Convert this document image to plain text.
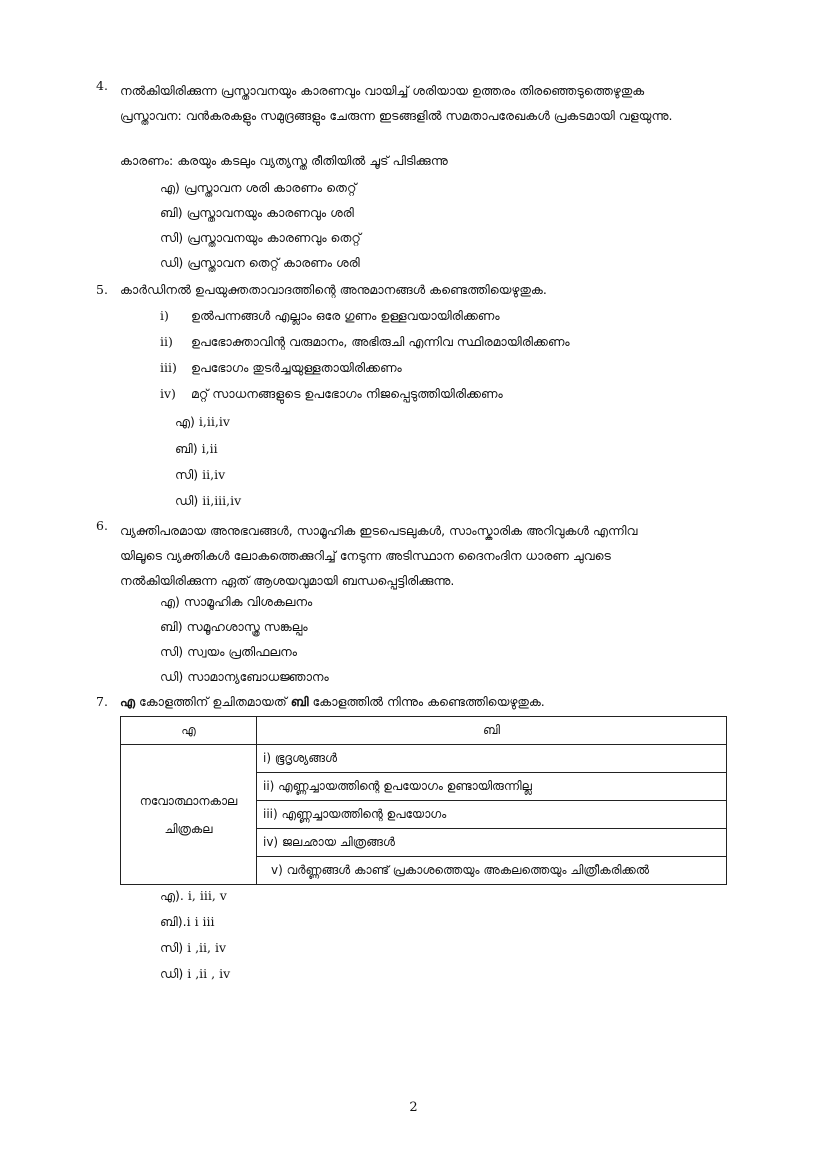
4. നൽകിയിരിക്കുന്ന പ്രസ്താവനയും കാരണവും വായിച്ച് ശരിയായ ഉത്തരം തിരഞ്ഞെടുത്തെഴുതുക
പ്രസ്താവന: വൻകരകളും സമുദ്രങ്ങളും ചേരുന്ന ഇടങ്ങളിൽ സമതാപരേഖകൾ പ്രകടമായി വളയുന്നു.
കാരണം: കരയും കടലും വ്യത്യസ്ത രീതിയിൽ ചൂട് പിടിക്കുന്നു
എ) പ്രസ്താവന ശരി കാരണം തെറ്റ്
ബി) പ്രസ്താവനയും കാരണവും ശരി
സി) പ്രസ്താവനയും കാരണവും തെറ്റ്
ഡി) പ്രസ്താവന തെറ്റ് കാരണം ശരി
5. കാർഡിനൽ ഉപയുക്തതാവാദത്തിന്റെ അനുമാനങ്ങൾ കണ്ടെത്തിയെഴുതുക.
i) ഉൽപന്നങ്ങൾ എല്ലാം ഒരേ ഗുണം ഉള്ളവയായിരിക്കണം
ii) ഉപഭോക്താവിന്റ വരുമാനം, അഭിരുചി എന്നിവ സ്ഥിരമായിരിക്കണം
iii) ഉപഭോഗം തുടർച്ചയുള്ളതായിരിക്കണം
iv) മറ്റ് സാധനങ്ങളുടെ ഉപഭോഗം നിജപ്പെടുത്തിയിരിക്കണം
എ) i,ii,iv
ബി) i,ii
സി) ii,iv
ഡി) ii,iii,iv
6. വ്യക്തിപരമായ അനുഭവങ്ങൾ, സാമൂഹിക ഇടപെടലുകൾ, സാംസ്കാരിക അറിവുകൾ എന്നിവ
യിലൂടെ വ്യക്തികൾ ലോകത്തെക്കുറിച്ച് നേടുന്ന അടിസ്ഥാന ദൈനംദിന ധാരണ ചുവടെ
നൽകിയിരിക്കുന്ന ഏത് ആശയവുമായി ബന്ധപ്പെട്ടിരിക്കുന്നു.
എ) സാമൂഹിക വിശകലനം
ബി) സമൂഹശാസ്ത്ര സങ്കല്പം
സി) സ്വയം പ്രതിഫലനം
ഡി) സാമാന്യബോധജ്ഞാനം
7. എ കോളത്തിന് ഉചിതമായത് ബി കോളത്തിൽ നിന്നും കണ്ടെത്തിയെഴുതുക.
എ	ബി

നവോത്ഥാനകാല
ചിത്രകല	i) ഭൂദൃശ്യങ്ങൾ
	ii) എണ്ണച്ചായത്തിന്റെ ഉപയോഗം ഉണ്ടായിരുന്നില്ല
	iii) എണ്ണച്ചായത്തിന്റെ ഉപയോഗം
	iv) ജലഛായ ചിത്രങ്ങൾ
	v) വർണ്ണങ്ങൾ കാണ്ട് പ്രകാശത്തെയും അകലത്തെയും ചിത്രീകരിക്കൽ
എ). i, iii, v
ബി).i i iii
സി) i ,ii, iv
ഡി) i ,ii , iv
2
